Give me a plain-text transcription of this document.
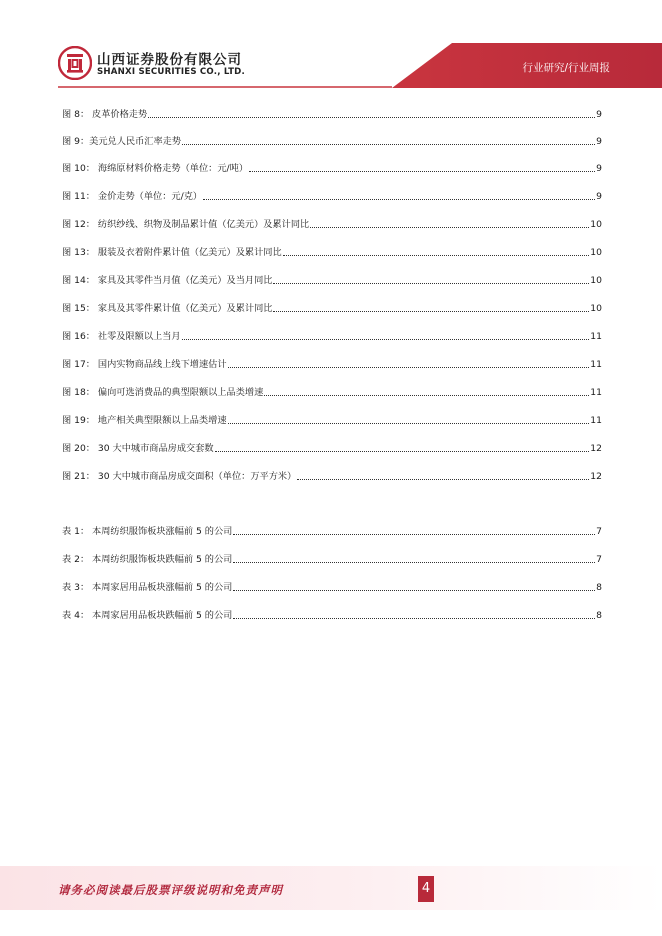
山西证券股份有限公司
SHANXI SECURITIES CO., LTD.	行业研究/行业周报
图 8： 皮革价格走势	9
图 9：美元兑人民币汇率走势	9
图 10： 海绵原材料价格走势（单位：元/吨）	9
图 11： 金价走势（单位：元/克）	9
图 12： 纺织纱线、织物及制品累计值（亿美元）及累计同比	10
图 13： 服装及衣着附件累计值（亿美元）及累计同比	10
图 14： 家具及其零件当月值（亿美元）及当月同比	10
图 15： 家具及其零件累计值（亿美元）及累计同比	10
图 16： 社零及限额以上当月	11
图 17： 国内实物商品线上线下增速估计	11
图 18： 偏向可选消费品的典型限额以上品类增速	11
图 19： 地产相关典型限额以上品类增速	11
图 20： 30 大中城市商品房成交套数	12
图 21： 30 大中城市商品房成交面积（单位：万平方米）	12
表 1： 本周纺织服饰板块涨幅前 5 的公司	7
表 2： 本周纺织服饰板块跌幅前 5 的公司	7
表 3： 本周家居用品板块涨幅前 5 的公司	8
表 4： 本周家居用品板块跌幅前 5 的公司	8
请务必阅读最后股票评级说明和免责声明	4
